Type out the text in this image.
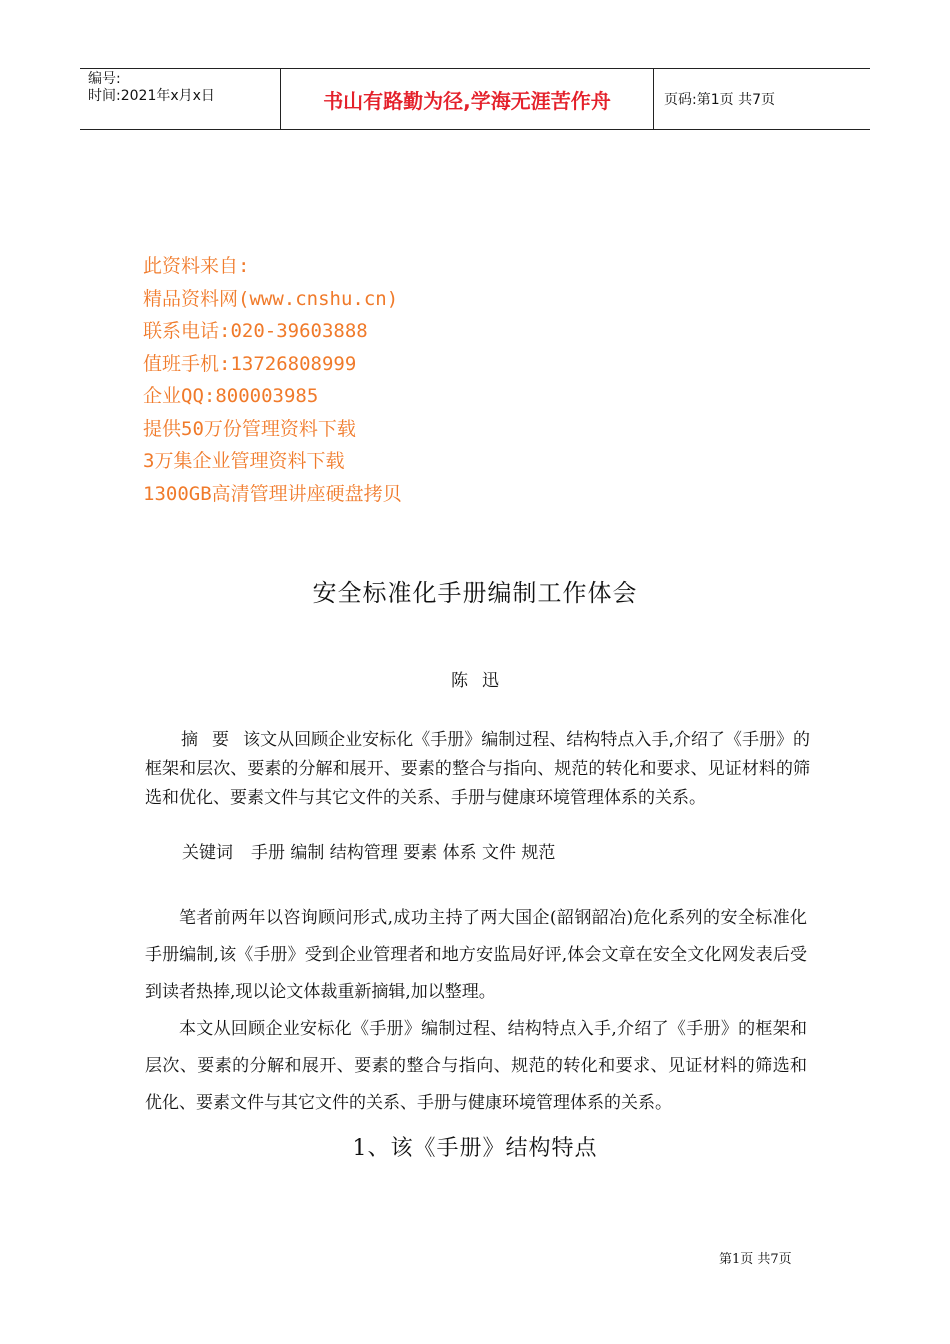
编号:
时间:2021年x月x日	书山有路勤为径,学海无涯苦作舟	页码:第1页 共7页
此资料来自:
精品资料网(www.cnshu.cn)
联系电话:020-39603888
值班手机:13726808999
企业QQ:800003985
提供50万份管理资料下载
3万集企业管理资料下载
1300GB高清管理讲座硬盘拷贝
安全标准化手册编制工作体会
陈迅

摘要该文从回顾企业安标化《手册》编制过程、结构特点入手,介绍了《手册》的框架和层次、要素的分解和展开、要素的整合与指向、规范的转化和要求、见证材料的筛选和优化、要素文件与其它文件的关系、手册与健康环境管理体系的关系。

关键词 手册 编制 结构管理 要素 体系 文件 规范

笔者前两年以咨询顾问形式,成功主持了两大国企(韶钢韶冶)危化系列的安全标准化手册编制,该《手册》受到企业管理者和地方安监局好评,体会文章在安全文化网发表后受到读者热捧,现以论文体裁重新摘辑,加以整理。

本文从回顾企业安标化《手册》编制过程、结构特点入手,介绍了《手册》的框架和层次、要素的分解和展开、要素的整合与指向、规范的转化和要求、见证材料的筛选和优化、要素文件与其它文件的关系、手册与健康环境管理体系的关系。

1、该《手册》结构特点
第1页 共7页
